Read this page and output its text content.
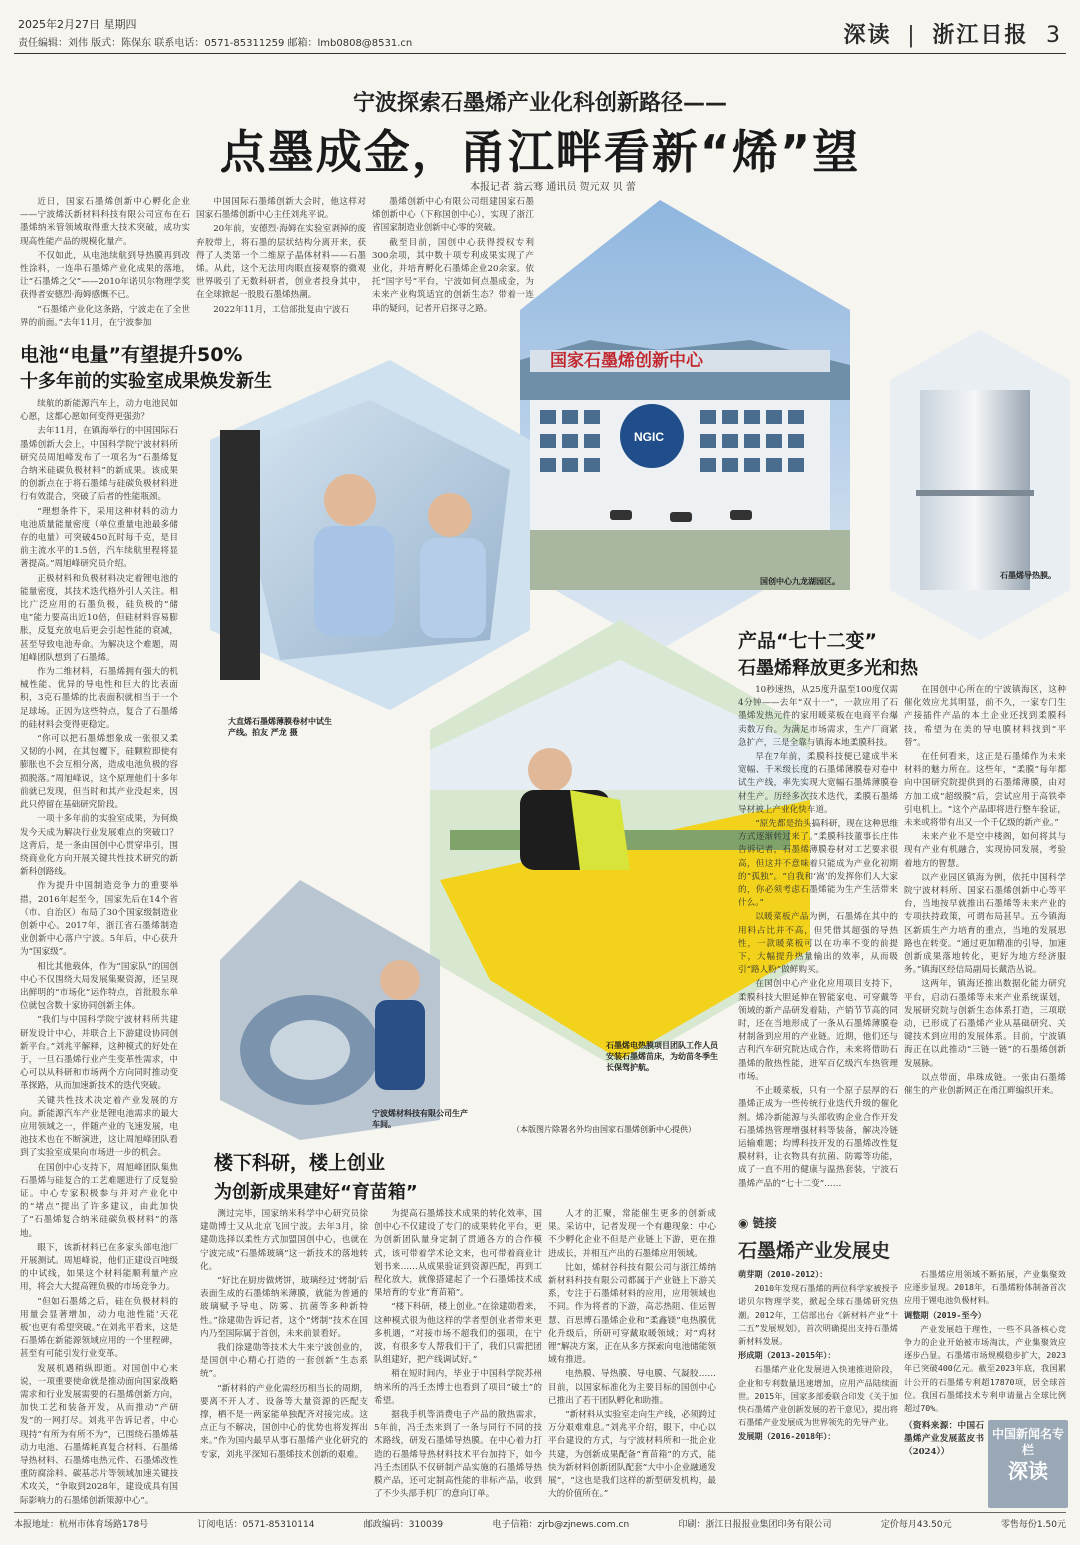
2025年2月27日 星期四
责任编辑：刘伟 版式：陈保东 联系电话：0571-85311259 邮箱：lmb0808@8531.cn	深读 | 浙江日报 3
宁波探索石墨烯产业化科创新路径——
点墨成金，甬江畔看新“烯”望
本报记者 翁云骞 通讯员 贺元双 贝 蕾

近日，国家石墨烯创新中心孵化企业——宁波烯沃新材料科技有限公司宣布在石墨烯纳米管领域取得重大技术突破，成功实现高性能产品的规模化量产。

不仅如此，从电池续航到导热膜再到改性涂料，一连串石墨烯产业化成果的落地，让“石墨烯之父”——2010年诺贝尔物理学奖获得者安德烈·海姆感慨不已。

“石墨烯产业化这条路，宁波走在了全世界的前面。”去年11月，在宁波参加

中国国际石墨烯创新大会时，他这样对国家石墨烯创新中心主任刘兆平说。

20年前，安德烈·海姆在实验室剥掉的废弃胶带上，将石墨的层状结构分离开来，获得了人类第一个二维原子晶体材料——石墨烯。从此，这个无法用肉眼直接观察的微观世界吸引了无数科研者，创业者投身其中，在全球掀起一股股石墨烯热潮。

2022年11月，工信部批复由宁波石

墨烯创新中心有限公司组建国家石墨烯创新中心（下称国创中心），实现了浙江省国家制造业创新中心零的突破。

截至目前，国创中心获得授权专利300余项，其中数十项专利成果实现了产业化，并培育孵化石墨烯企业20余家。依托“国字号”平台，宁波如何点墨成金，为未来产业构筑适宜的创新生态？带着一连串的疑问，记者开启探寻之路。

电池“电量”有望提升50%
十多年前的实验室成果焕发新生

续航的新能源汽车上，动力电池民如心愿，这都心愿如何变得更强劲？

去年11月，在镇海举行的中国国际石墨烯创新大会上，中国科学院宁波材料所研究员周旭峰发布了一项名为“石墨烯复合纳米硅碳负极材料”的新成果。该成果的创新点在于将石墨烯与硅碳负极材料进行有效混合，突破了后者的性能瓶颈。

“理想条件下，采用这种材料的动力电池质量能量密度（单位重量电池最多储存的电量）可突破450瓦时每千克，是目前主流水平的1.5倍，汽车续航里程将显著提高。”周旭峰研究员介绍。

正极材料和负极材料决定着锂电池的能量密度，其技术迭代格外引人关注。相比广泛应用的石墨负极，硅负极的“储电”能力要高出近10倍，但硅材料容易膨胀，反复充放电后更会引起性能的衰减，甚至导致电池寿命。为解决这个难题，周旭峰团队想到了石墨烯。

作为二维材料，石墨烯拥有强大的机械性能、优异的导电性和巨大的比表面积，3克石墨烯的比表面积就相当于一个足球场。正因为这些特点，复合了石墨烯的硅材料会变得更稳定。

“你可以把石墨烯想象成一张很又柔又韧的小网，在其包覆下，硅颗粒即使有膨胀也不会互相分离，造成电池负极的容损脱落。”周旭峰说，这个原理他们十多年前就已发现，但当时和其产业没起来，因此只停留在基础研究阶段。

一项十多年前的实验室成果，为何焕发今天成为解决行业发展难点的突破口？这背后，是一条由国创中心贯穿串引，围绕商业化方向开展关键共性技术研究的新新科创路线。

作为提升中国制造竞争力的重要举措，2016年起至今，国家先后在14个省（市、自治区）布局了30个国家级制造业创新中心。2017年，浙江省石墨烯制造业创新中心落户宁波。5年后，中心获升为“国家级”。

相比其他载体，作为“国家队”的国创中心不仅围绕大局发展集聚资源，还呈现出鲜明的“市场化”运作特点，首批股东单位就包含数十家协同创新主体。

“我们与中国科学院宁波材料所共建研发设计中心，并联合上下游建设协同创新平台。”刘兆平解释，这种模式的好处在于，一旦石墨烯行业产生变革性需求，中心可以从科研和市场两个方向同时推动变革探路，从而加速新技术的迭代突破。

关键共性技术决定着产业发展的方向。新能源汽车产业是锂电池需求的最大应用领域之一，伴随产业的飞速发展，电池技术也在不断演进，这让周旭峰团队看到了实验室成果向市场进一步的机会。

在国创中心支持下，周旭峰团队集焦石墨烯与硅复合的工艺难题进行了反复验证。中心专家积极参与并对产业化中的“堵点”提出了许多建议，由此加快了“石墨烯复合纳米硅碳负极材料”的落地。

眼下，该新材料已在多家头部电池厂开展测试。周旭峰说，他们正建设百吨级的中试线，如果这个材料能顺利量产应用，将会大大提高锂负极的市场竞争力。

“但如石墨烯之后，硅在负极材料的用量会显著增加，动力电池性能‘天花板’也更有希望突破。”在刘兆平看来，这是石墨烯在新能源领域应用的一个里程碑，甚至有可能引发行业变革。

发展机遇稍纵即逝。对国创中心来说，一项重要使命就是推动面向国家战略需求和行业发展需要的石墨烯创新方向，加快工艺和装备开发，从而推动“产研发”的一网打尽。刘兆平告诉记者，中心现持“有所为有所不为”，已围绕石墨烯基动力电池、石墨烯耗真复合材料、石墨烯导热材料、石墨烯电热元件、石墨烯改性重防腐涂料、碳基芯片等领域加速关键技术攻关，“争取到2028年，建设成具有国际影响力的石墨烯创新策源中心”。

国家石墨烯创新中心
NGIC
国创中心九龙湖园区。
石墨烯导热膜。
大直烯石墨烯薄膜卷材中试生产线。拍友 严龙 摄
石墨烯电热膜项目团队工作人员安装石墨烯苗床，为幼苗冬季生长保驾护航。
宁波烯材科技有限公司生产车间。
（本版图片除署名外均由国家石墨烯创新中心提供）
楼下科研，楼上创业
为创新成果建好“育苗箱”

测过完毕，国家纳米科学中心研究员徐建勋博士又从北京飞回宁波。去年3月，徐建勋选择以柔性方式加盟国创中心，也就在宁波完成“石墨烯玻璃”这一新技术的落地转化。

“好比在厨房做烤饼，玻璃经过‘烤制’后表面生成的石墨烯纳米薄膜，就能为普通的玻璃赋予导电、防雾、抗菌等多种新特性。”徐建勋告诉记者，这个“烤制”技术在国内乃至国际属于首创，未来前景看好。

我们徐建勋等技术大牛来宁波创业的，是国创中心精心打造的一套创新“生态系统”。

“新材料的产业化需经历相当长的周期，要离不开人才、设备等大量资源的匹配支撑，栖不是一两家能单独配齐对接完成。这点正与不解决，国创中心的优势也将发挥出来。”作为国内最早从事石墨烯产业化研究的专家，刘兆平深知石墨烯技术创新的艰难。

为提高石墨烯技术成果的转化效率，国创中心不仅建设了专门的成果转化平台，更为创新团队量身定制了贯通各方的合作模式，该可带着学术论文来，也可带着商业计划书来……从成果验证到资源匹配，再到工程化放大，就像搭建起了一个石墨烯技术成果培育的专业“育苗箱”。

“楼下科研，楼上创业。”在徐建勋看来，这种模式很为他这样的学者型创业者带来更多机遇，“对接市场不超我们的强项，在宁波，有很多专人帮我们干了，我们只需把团队组建好，把产线调试好。”

稍在短时间内，毕业于中国科学院苏州纳米所的冯壬杰博士也看到了项目“破土”的希望。

据我手机等消费电子产品的散热需求，5年前，冯壬杰来到了一条与同行不同的技术路线，研发石墨烯导热膜。在中心着力打造的石墨烯导热材料技术平台加持下，如今冯壬杰团队不仅研制产品实施的石墨烯导热膜产品，还可定制高性能的非标产品，收到了不少头部手机厂的意向订单。

人才的汇聚，常能催生更多的创新成果。采访中，记者发现一个有趣现象：中心不少孵化企业不但是产业链上下游，更在推进成长，并相互产出的石墨烯应用领域。

比如，烯材谷科技有限公司与浙江烯纳新材料科技有限公司都属于产业链上下游关系，专注于石墨烯材料的应用，应用领域也不同。作为将者的下游，高芯热阻、佳运智慧、百思博石墨烯企业和“柔鑫镁”电热膜优化升级后，所研可穿戴取暖领域；对“鸡材锂”解决方案，正在从多方探索向电池储能领域有推进。

电热膜、导热膜、导电膜、气凝胶……目前，以国家标准化为主要目标的国创中心已推出了若干团队孵化和助推。

“新材料从实验室走向生产线，必须跨过万分艰难难息。”刘兆平介绍，眼下，中心以平台建设的方式，与宁波材料所和一批企业共建，为创新成果配备“育苗箱”的方式，能快为新材料创新团队配套“大中小企业融通发展”，“这也是我们这样的新型研发机构，最大的价值所在。”

产品“七十二变”
石墨烯释放更多光和热

10秒速热，从25度升温至100度仅需4分钟——去年“双十一”，一款应用了石墨烯发热元件的家用暖菜板在电商平台爆卖数万台。为满足市场需求，生产厂商紧急扩产，三是全靠与镇海本地柔膜科技。

早在7年前，柔膜科技便已建成半米宽幅、千米级长度的石墨烯薄膜卷对卷中试生产线，率先实现大宽幅石墨烯薄膜卷材生产。历经多次技术迭代，柔膜石墨烯导材被上产业化快车道。

“原先都是抬头搞科研，现在这种思维方式逐渐转过来了。”柔膜科技董事长庄伟告诉记者，石墨烯薄膜卷材对工艺要求很高，但这并不意味着只能成为产业化初期的“孤独”。“自我和‘嵩’的发挥你们人大家的，你必须考虑石墨烯能为生产生活带来什么。”

以暖菜板产品为例，石墨烯在其中的用料占比并不高，但凭借其超强的导热性，一款暖菜板可以在功率不变的前提下，大幅提升热量输出的效率，从而吸引“路人粉”做鲜购买。

在国创中心产业化应用项目支持下，柔膜科技大胆延伸在智能家电、可穿戴等领域的新产品研发着陆，产销节节高的同时，还在当地形成了一条从石墨烯薄膜卷材制备到应用的产业链。近期，他们还与吉利汽车研究院达成合作，未来将借助石墨烯的散热性能，进军百亿级汽车热管理市场。

不止暖菜板，只有一个原子层厚的石墨烯正成为一些传统行业迭代升级的催化剂。烯冷新能源与头部收购企业合作开发石墨烯热管理增强材料等装备，解决冷链运输难题；均博科技开发的石墨烯改性复膜材料，让衣物具有抗菌、防霉等功能，成了一直不用的健康与温热套装，宁波石墨烯产品的“七十二变”……

在国创中心所在的宁波镇海区，这种催化效应尤其明显，前不久，一家专门生产接插件产品的本土企业还找到柔膜科技，希望为在美的导电膜材料找到“平替”。

在任何看来，这正是石墨烯作为未来材料的魅力所在。这些年，“柔膜”每年都向中国研究院提供到的石墨烯薄膜，由对方加工成“超级膜”后，尝试应用于高铁牵引电机上。“这个产品即将进行整车验证，未来或将带有出又一个千亿级的新产业。”

未来产业不是空中楼阁，如何将其与现有产业有机融合，实现协同发展，考验着地方的智慧。

以产业园区镇海为例，依托中国科学院宁波材料所、国家石墨烯创新中心等平台，当地按早就推出石墨烯等未来产业的专项扶持政策，可谓布局甚早。五今镇海区新质生产力培育的重点，当地的发展思路也在转变。“通过更加精准的引导，加速创新成果落地转化，更好为地方经济服务。”镇海区经信局副局长戴浩丛说。

这两年，镇海还推出数据化能力研究平台，启动石墨烯等未来产业系统谋划，发展研究院与创新生态体系打造，三项联动，已形成了石墨烯产业从基础研究、关键技术到应用的发展体系。目前，宁波镇海正在以此推动“三链一链”的石墨烯创新发展脉。

以点带面，串珠成链。一张由石墨烯催生的产业创新网正在甬江畔编织开来。

◉ 链接
石墨烯产业发展史

萌芽期（2010-2012）：

2010年发现石墨烯的两位科学家被授予诺贝尔物理学奖，掀起全球石墨烯研究热潮。2012年，工信部出台《新材料产业“十二五”发展规划》，首次明确提出支持石墨烯新材料发展。

形成期（2013-2015年）：

石墨烯产业化发展进入快速推进阶段，企业和专利数量迅速增加，应用产品陆续面世。2015年，国家多部委联合印发《关于加快石墨烯产业创新发展的若干意见》，提出将石墨烯产业发展成为世界领先的先导产业。

发展期（2016-2018年）：

石墨烯应用领域不断拓展，产业集聚效应逐步显现。2018年，石墨烯粉体制备首次应用于锂电池负极材料。

调整期（2019-至今）

产业发展趋于理性，一些不具备核心竞争力的企业开始被市场淘汰，产业集聚效应逐步凸显。石墨烯市场规模稳步扩大，2023年已突破400亿元。截至2023年底，我国累计公开的石墨烯专利超17870项，居全球首位。我国石墨烯技术专利申请量占全球比例超过70%。

（资料来源：中国石墨烯产业发展蓝皮书（2024））

中国新闻名专栏
深读
本报地址：杭州市体育场路178号	订阅电话：0571-85310114	邮政编码：310039	电子信箱：zjrb@zjnews.com.cn	印刷：浙江日报报业集团印务有限公司	定价每月43.50元	零售每份1.50元
